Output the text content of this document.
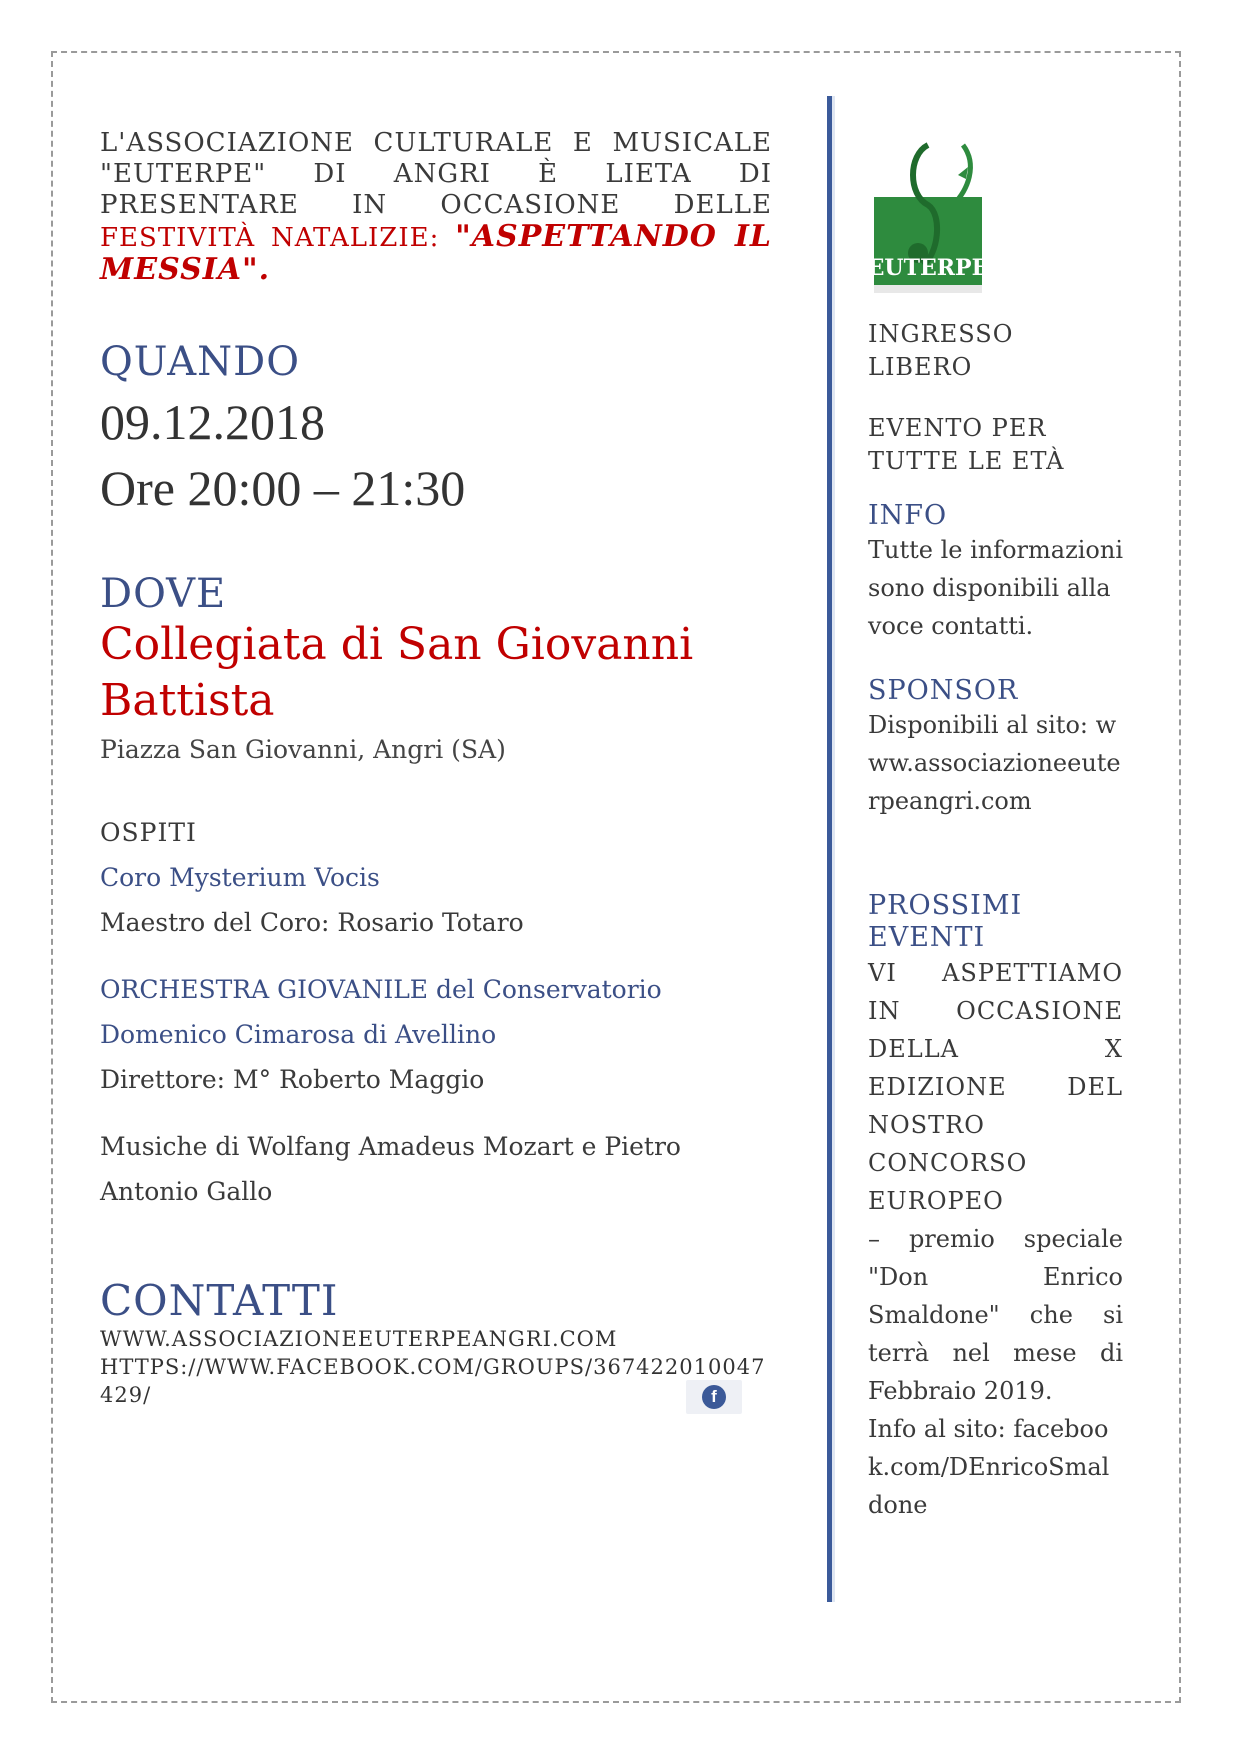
L'ASSOCIAZIONE CULTURALE E MUSICALE "EUTERPE" DI ANGRI È LIETA DI PRESENTARE IN OCCASIONE DELLE FESTIVITÀ NATALIZIE: "ASPETTANDO IL MESSIA".
QUANDO
09.12.2018
Ore 20:00 – 21:30
DOVE
Collegiata di San Giovanni Battista
Piazza San Giovanni, Angri (SA)
OSPITI
Coro Mysterium Vocis
Maestro del Coro: Rosario Totaro
ORCHESTRA GIOVANILE del Conservatorio
Domenico Cimarosa di Avellino
Direttore: M° Roberto Maggio
Musiche di Wolfang Amadeus Mozart e Pietro Antonio Gallo
CONTATTI
WWW.ASSOCIAZIONEEUTERPEANGRI.COM
HTTPS://WWW.FACEBOOK.COM/GROUPS/367422010047429/	f
EUTERPE
INGRESSO LIBERO
EVENTO PER TUTTE LE ETÀ
INFO
Tutte le informazioni sono disponibili alla voce contatti.
SPONSOR
Disponibili al sito: www.associazioneeuterpeangri.com
PROSSIMI EVENTI
VI ASPETTIAMO IN OCCASIONE DELLA X EDIZIONE DEL NOSTRO CONCORSO EUROPEO
– premio speciale "Don Enrico Smaldone" che si terrà nel mese di Febbraio 2019.
Info al sito: facebook.com/DEnricoSmaldone
